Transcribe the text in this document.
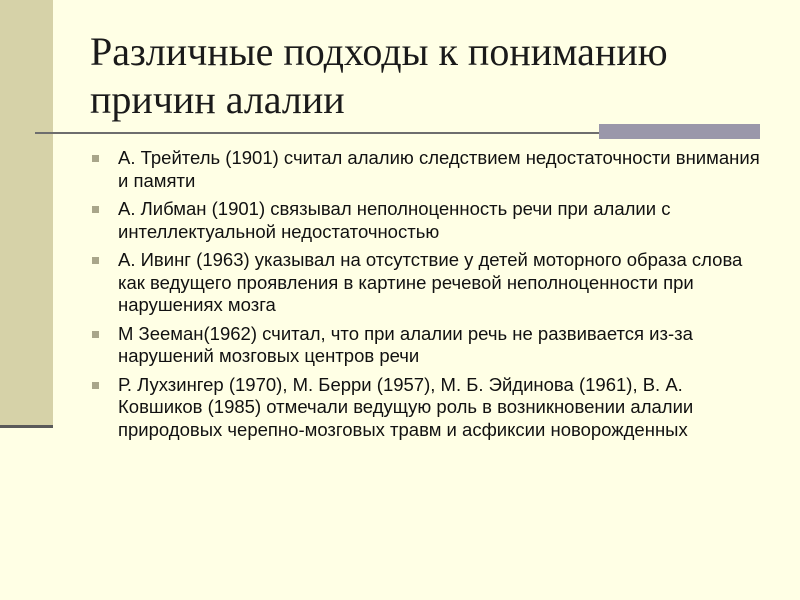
Различные подходы к пониманию причин алалии
А. Трейтель (1901) считал алалию следствием недостаточности внимания и памяти
А. Либман (1901) связывал неполноценность речи при алалии с интеллектуальной недостаточностью
А. Ивинг (1963) указывал на отсутствие у детей моторного образа слова как ведущего проявления в картине речевой неполноценности при нарушениях мозга
М Зееман(1962) считал, что при алалии речь не развивается из-за нарушений мозговых центров речи
Р. Лухзингер (1970), М. Берри (1957), М. Б. Эйдинова (1961), В. А. Ковшиков (1985) отмечали ведущую роль в возникновении алалии природовых черепно-мозговых травм и асфиксии новорожденных
